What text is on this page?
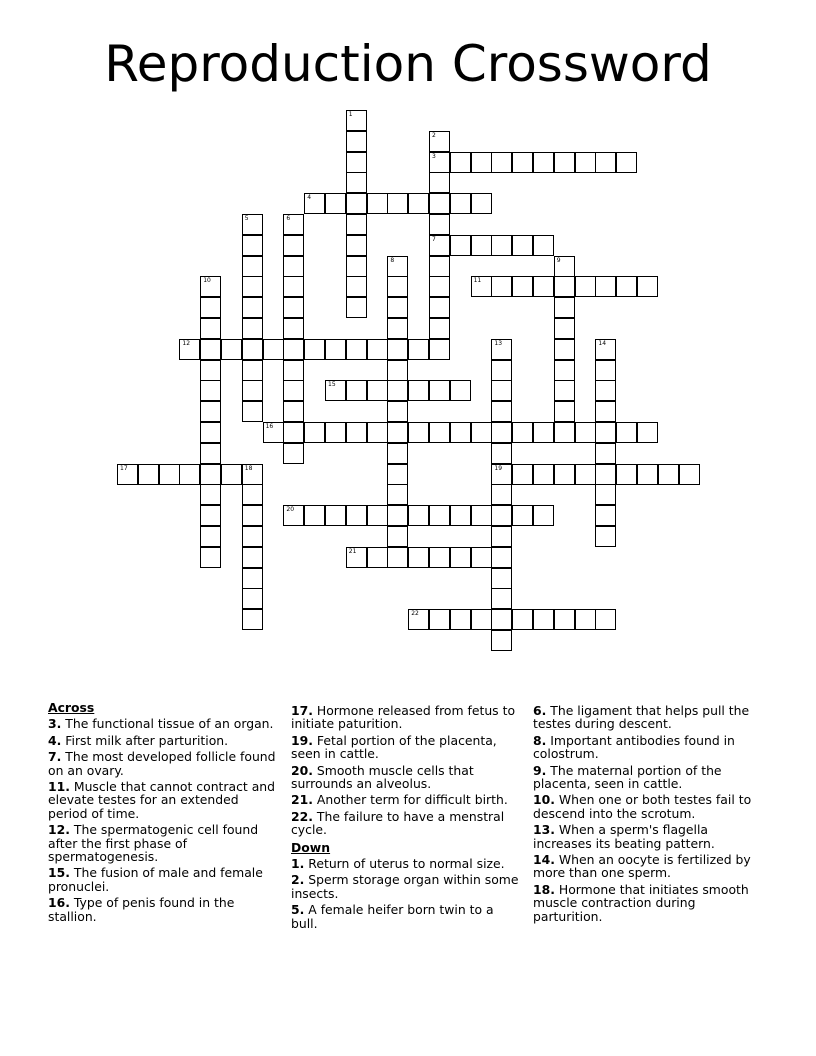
Reproduction Crossword
1
2
3
7
4
5	6
8	9
10	11
12	13
19
14
15
16
17	18
20
21
22
Across
3. The functional tissue of an organ.
4. First milk after parturition.
7. The most developed follicle found on an ovary.
11. Muscle that cannot contract and elevate testes for an extended period of time.
12. The spermatogenic cell found after the first phase of spermatogenesis.
15. The fusion of male and female pronuclei.
16. Type of penis found in the stallion.
17. Hormone released from fetus to initiate paturition.
19. Fetal portion of the placenta, seen in cattle.
20. Smooth muscle cells that surrounds an alveolus.
21. Another term for difficult birth.
22. The failure to have a menstral cycle.
Down
1. Return of uterus to normal size.
2. Sperm storage organ within some insects.
5. A female heifer born twin to a bull.
6. The ligament that helps pull the testes during descent.
8. Important antibodies found in colostrum.
9. The maternal portion of the placenta, seen in cattle.
10. When one or both testes fail to descend into the scrotum.
13. When a sperm's flagella increases its beating pattern.
14. When an oocyte is fertilized by more than one sperm.
18. Hormone that initiates smooth muscle contraction during parturition.
